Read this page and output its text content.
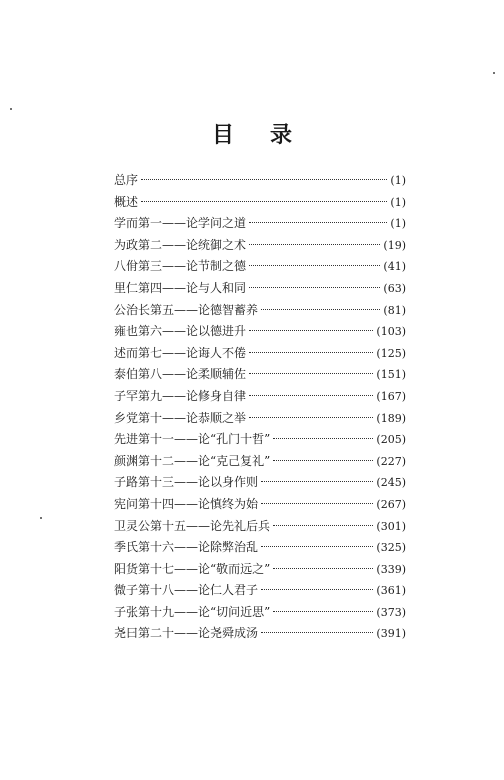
目 录
总序	(1)
概述	(1)
学而第一——论学问之道	(1)
为政第二——论统御之术	(19)
八佾第三——论节制之德	(41)
里仁第四——论与人和同	(63)
公治长第五——论德智蓄养	(81)
雍也第六——论以德进升	(103)
述而第七——论诲人不倦	(125)
泰伯第八——论柔顺辅佐	(151)
子罕第九——论修身自律	(167)
乡党第十——论恭顺之举	(189)
先进第十一——论“孔门十哲”	(205)
颜渊第十二——论“克己复礼”	(227)
子路第十三——论以身作则	(245)
宪问第十四——论慎终为始	(267)
卫灵公第十五——论先礼后兵	(301)
季氏第十六——论除弊治乱	(325)
阳货第十七——论“敬而远之”	(339)
微子第十八——论仁人君子	(361)
子张第十九——论“切问近思”	(373)
尧曰第二十——论尧舜成汤	(391)
